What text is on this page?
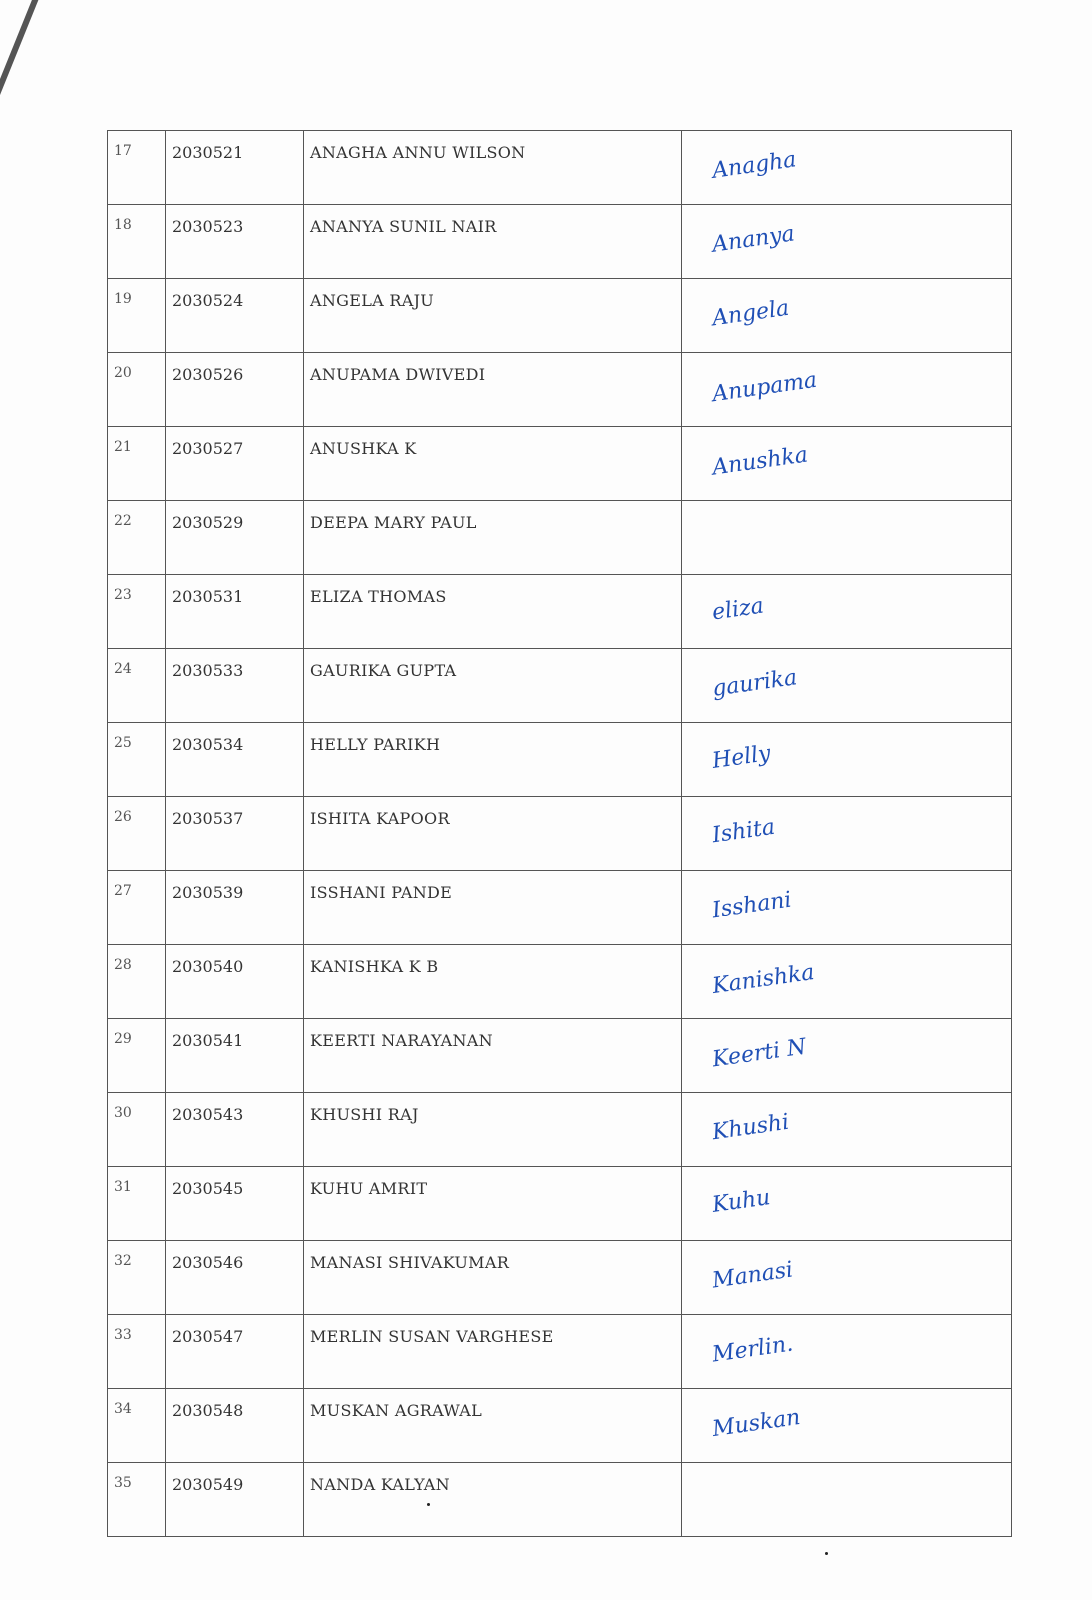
17	2030521	ANAGHA ANNU WILSON	Anagha

18	2030523	ANANYA SUNIL NAIR	Ananya

19	2030524	ANGELA RAJU	Angela

20	2030526	ANUPAMA DWIVEDI	Anupama

21	2030527	ANUSHKA K	Anushka

22	2030529	DEEPA MARY PAUL	

23	2030531	ELIZA THOMAS	eliza

24	2030533	GAURIKA GUPTA	gaurika

25	2030534	HELLY PARIKH	Helly

26	2030537	ISHITA KAPOOR	Ishita

27	2030539	ISSHANI PANDE	Isshani

28	2030540	KANISHKA K B	Kanishka

29	2030541	KEERTI NARAYANAN	Keerti N

30	2030543	KHUSHI RAJ	Khushi

31	2030545	KUHU AMRIT	Kuhu

32	2030546	MANASI SHIVAKUMAR	Manasi

33	2030547	MERLIN SUSAN VARGHESE	Merlin.

34	2030548	MUSKAN AGRAWAL	Muskan

35	2030549	NANDA KALYAN	
